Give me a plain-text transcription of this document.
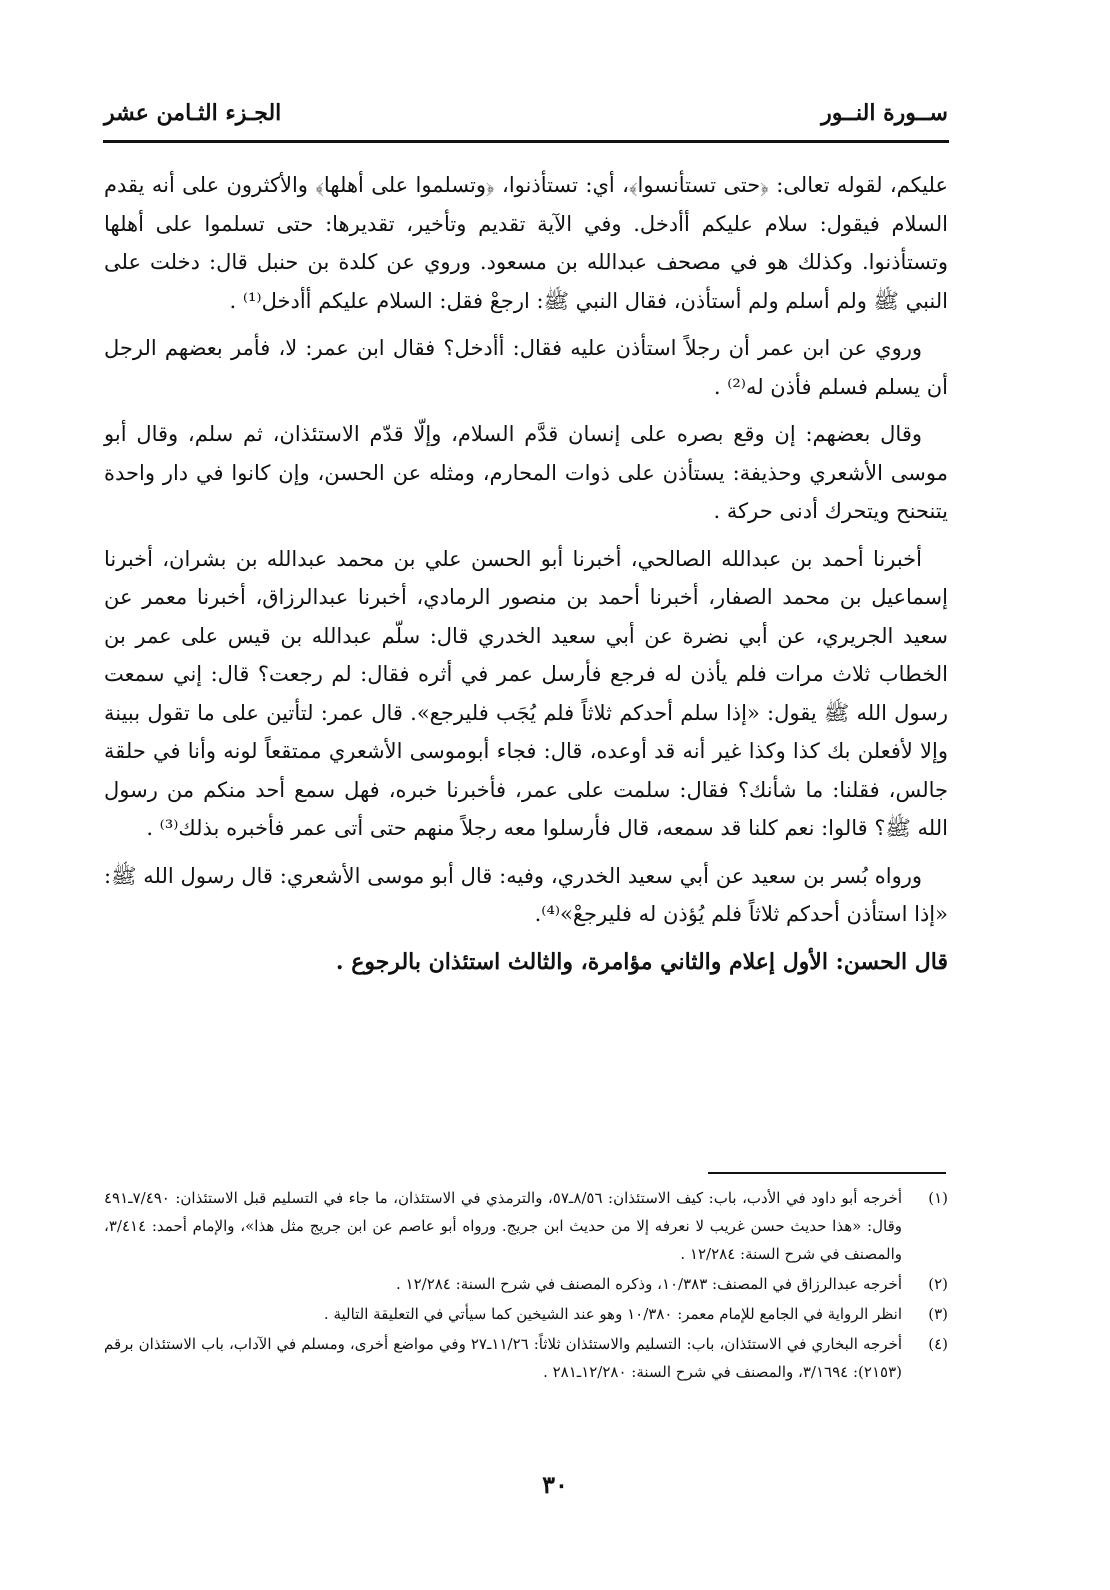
الجـزء الثـامن عشر	ســورة النــور

عليكم، لقوله تعالى: ﴿حتى تستأنسوا﴾، أي: تستأذنوا، ﴿وتسلموا على أهلها﴾ والأكثرون على أنه يقدم السلام فيقول: سلام عليكم أأدخل. وفي الآية تقديم وتأخير، تقديرها: حتى تسلموا على أهلها وتستأذنوا. وكذلك هو في مصحف عبدالله بن مسعود. وروي عن كلدة بن حنبل قال: دخلت على النبي ﷺ ولم أسلم ولم أستأذن، فقال النبي ﷺ: ارجعْ فقل: السلام عليكم أأدخل⁽¹⁾ .

وروي عن ابن عمر أن رجلاً استأذن عليه فقال: أأدخل؟ فقال ابن عمر: لا، فأمر بعضهم الرجل أن يسلم فسلم فأذن له⁽²⁾ .

وقال بعضهم: إن وقع بصره على إنسان قدَّم السلام، وإلّا قدّم الاستئذان، ثم سلم، وقال أبو موسى الأشعري وحذيفة: يستأذن على ذوات المحارم، ومثله عن الحسن، وإن كانوا في دار واحدة يتنحنح ويتحرك أدنى حركة .

أخبرنا أحمد بن عبدالله الصالحي، أخبرنا أبو الحسن علي بن محمد عبدالله بن بشران، أخبرنا إسماعيل بن محمد الصفار، أخبرنا أحمد بن منصور الرمادي، أخبرنا عبدالرزاق، أخبرنا معمر عن سعيد الجريري، عن أبي نضرة عن أبي سعيد الخدري قال: سلّم عبدالله بن قيس على عمر بن الخطاب ثلاث مرات فلم يأذن له فرجع فأرسل عمر في أثره فقال: لم رجعت؟ قال: إني سمعت رسول الله ﷺ يقول: «إذا سلم أحدكم ثلاثاً فلم يُجَب فليرجع». قال عمر: لتأتين على ما تقول ببينة وإلا لأفعلن بك كذا وكذا غير أنه قد أوعده، قال: فجاء أبوموسى الأشعري ممتقعاً لونه وأنا في حلقة جالس، فقلنا: ما شأنك؟ فقال: سلمت على عمر، فأخبرنا خبره، فهل سمع أحد منكم من رسول الله ﷺ؟ قالوا: نعم كلنا قد سمعه، قال فأرسلوا معه رجلاً منهم حتى أتى عمر فأخبره بذلك⁽³⁾ .

ورواه بُسر بن سعيد عن أبي سعيد الخدري، وفيه: قال أبو موسى الأشعري: قال رسول الله ﷺ: «إذا استأذن أحدكم ثلاثاً فلم يُؤذن له فليرجعْ»⁽⁴⁾.

قال الحسن: الأول إعلام والثاني مؤامرة، والثالث استئذان بالرجوع .

(١)
أخرجه أبو داود في الأدب، باب: كيف الاستئذان: ٨/٥٦ـ٥٧، والترمذي في الاستئذان، ما جاء في التسليم قبل الاستئذان: ٧/٤٩٠ـ٤٩١ وقال: «هذا حديث حسن غريب لا نعرفه إلا من حديث ابن جريج. ورواه أبو عاصم عن ابن جريج مثل هذا»، والإمام أحمد: ٣/٤١٤، والمصنف في شرح السنة: ١٢/٢٨٤ .
(٢)
أخرجه عبدالرزاق في المصنف: ١٠/٣٨٣، وذكره المصنف في شرح السنة: ١٢/٢٨٤ .
(٣)
انظر الرواية في الجامع للإمام معمر: ١٠/٣٨٠ وهو عند الشيخين كما سيأتي في التعليقة التالية .
(٤)
أخرجه البخاري في الاستئذان، باب: التسليم والاستئذان ثلاثاً: ١١/٢٦ـ٢٧ وفي مواضع أخرى، ومسلم في الآداب، باب الاستئذان برقم (٢١٥٣): ٣/١٦٩٤، والمصنف في شرح السنة: ١٢/٢٨٠ـ٢٨١ .
٣٠
